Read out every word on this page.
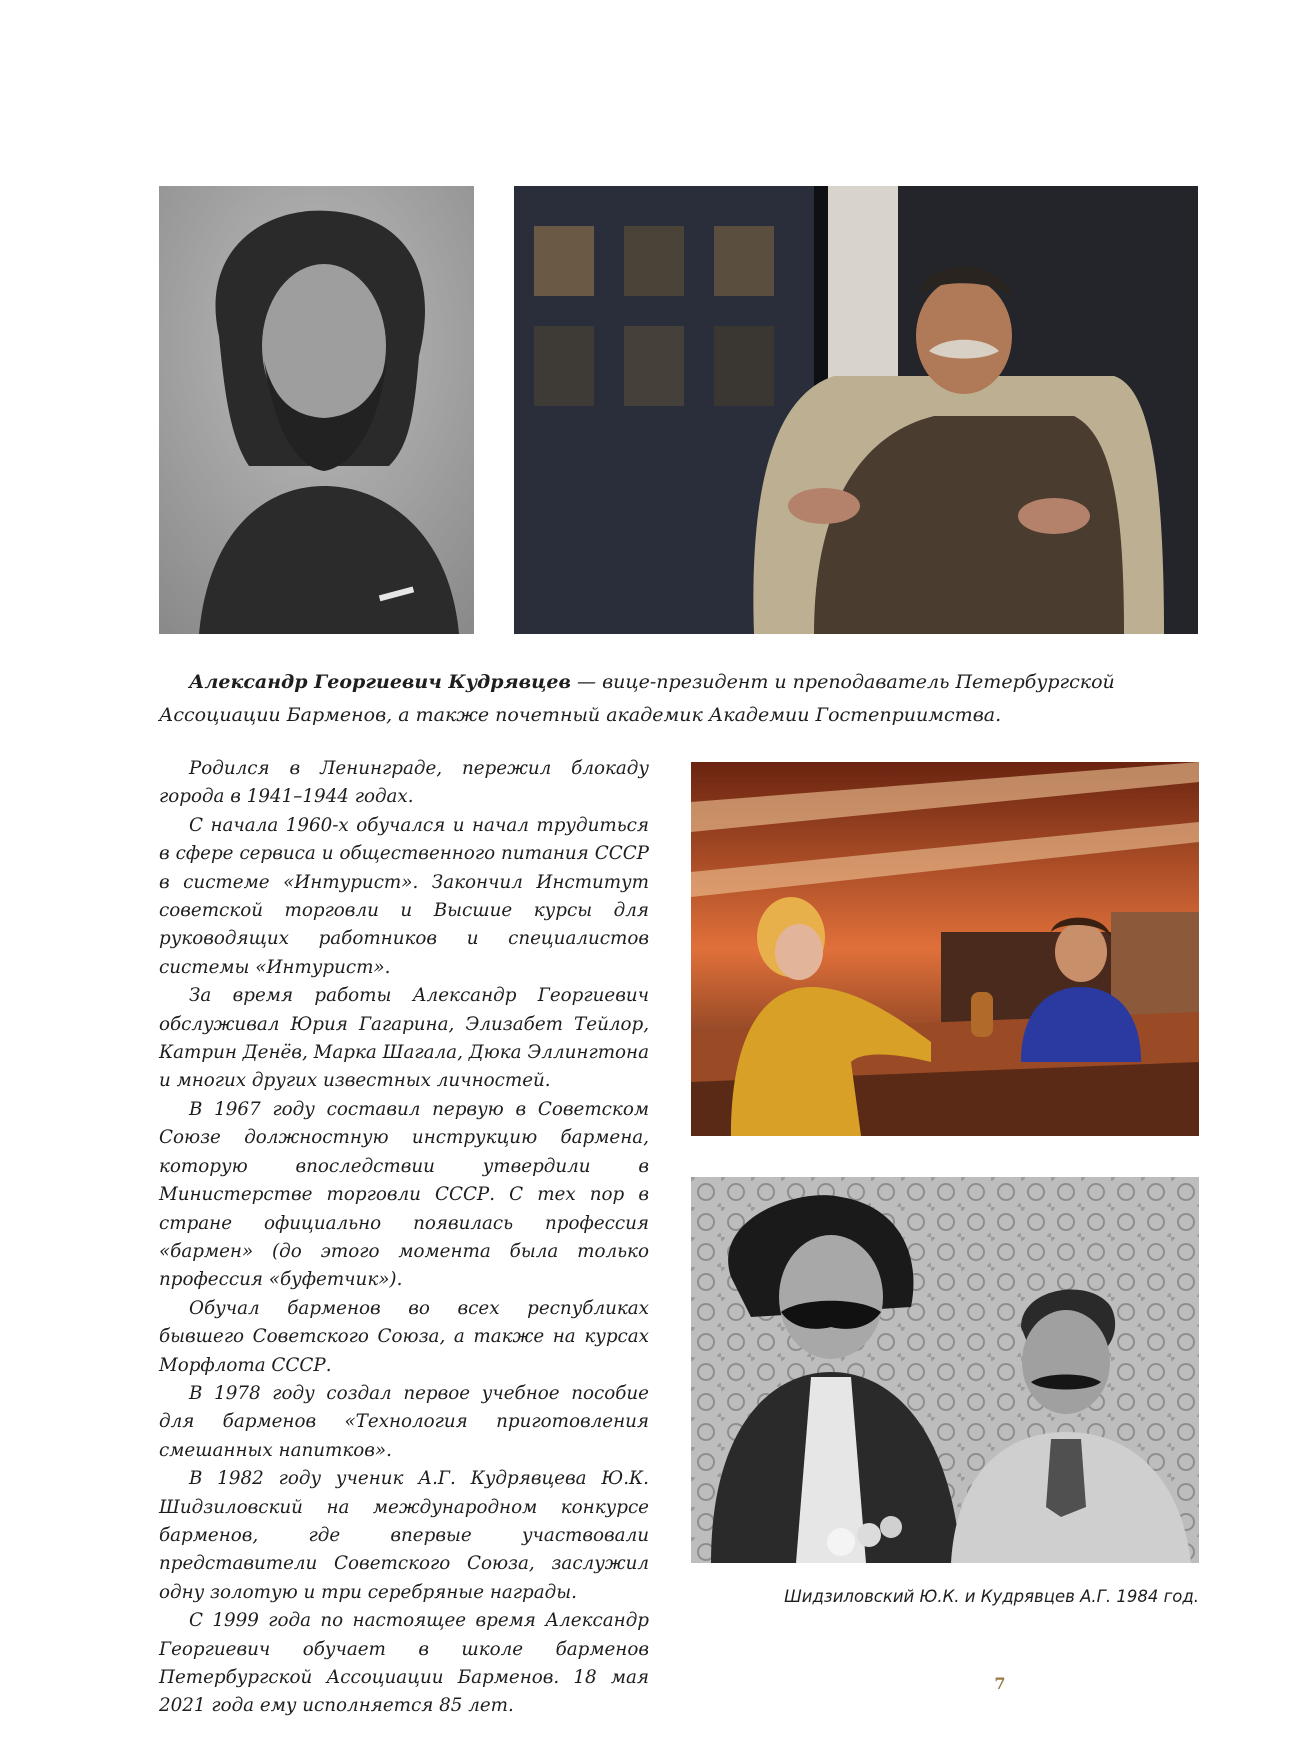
Александр Георгиевич Кудрявцев — вице-президент и преподаватель Петербургской

Ассоциации Барменов, а также почетный академик Академии Гостеприимства.

Родился в Ленинграде, пережил блокаду города в 1941–1944 годах.

С начала 1960-х обучался и начал трудиться в сфере сервиса и общественного питания СССР в системе «Интурист». Закончил Институт советской торговли и Высшие курсы для руководящих работников и специалистов системы «Интурист».

За время работы Александр Георгиевич обслуживал Юрия Гагарина, Элизабет Тейлор, Катрин Денёв, Марка Шагала, Дюка Эллингтона и многих других известных личностей.

В 1967 году составил первую в Советском Союзе должностную инструкцию бармена, которую впоследствии утвердили в Министерстве торговли СССР. С тех пор в стране официально появилась профессия «бармен» (до этого момента была только профессия «буфетчик»).

Обучал барменов во всех республиках бывшего Советского Союза, а также на курсах Морфлота СССР.

В 1978 году создал первое учебное пособие для барменов «Технология приготовления смешанных напитков».

В 1982 году ученик А.Г. Кудрявцева Ю.К. Шидзиловский на международном конкурсе барменов, где впервые участвовали представители Советского Союза, заслужил одну золотую и три серебряные награды.

С 1999 года по настоящее время Александр Георгиевич обучает в школе барменов Петербургской Ассоциации Барменов. 18 мая 2021 года ему исполняется 85 лет.

Шидзиловский Ю.К. и Кудрявцев А.Г. 1984 год.
7
